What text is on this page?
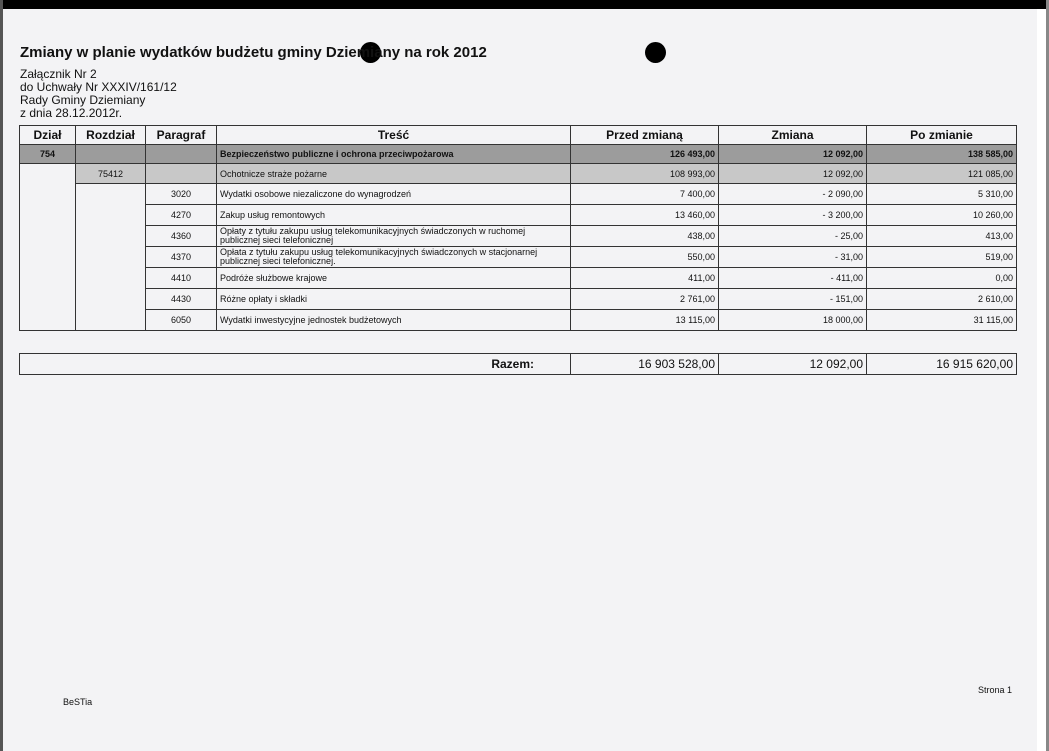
Zmiany w planie wydatków budżetu gminy Dziemiany na rok 2012
Załącznik Nr 2
do Uchwały Nr XXXIV/161/12
Rady Gminy Dziemiany
z dnia 28.12.2012r.
Dział	Rozdział	Paragraf	Treść	Przed zmianą	Zmiana	Po zmianie
754			Bezpieczeństwo publiczne i ochrona przeciwpożarowa	126 493,00	12 092,00	138 585,00
	75412		Ochotnicze straże pożarne	108 993,00	12 092,00	121 085,00
		3020	Wydatki osobowe niezaliczone do wynagrodzeń	7 400,00	- 2 090,00	5 310,00
		4270	Zakup usług remontowych	13 460,00	- 3 200,00	10 260,00
		4360	Opłaty z tytułu zakupu usług telekomunikacyjnych świadczonych w ruchomej publicznej sieci telefonicznej	438,00	- 25,00	413,00
		4370	Opłata z tytułu zakupu usług telekomunikacyjnych świadczonych w stacjonarnej publicznej sieci telefonicznej.	550,00	- 31,00	519,00
		4410	Podróże służbowe krajowe	411,00	- 411,00	0,00
		4430	Różne opłaty i składki	2 761,00	- 151,00	2 610,00
		6050	Wydatki inwestycyjne jednostek budżetowych	13 115,00	18 000,00	31 115,00
Razem:	16 903 528,00	12 092,00	16 915 620,00
BeSTia
Strona 1
